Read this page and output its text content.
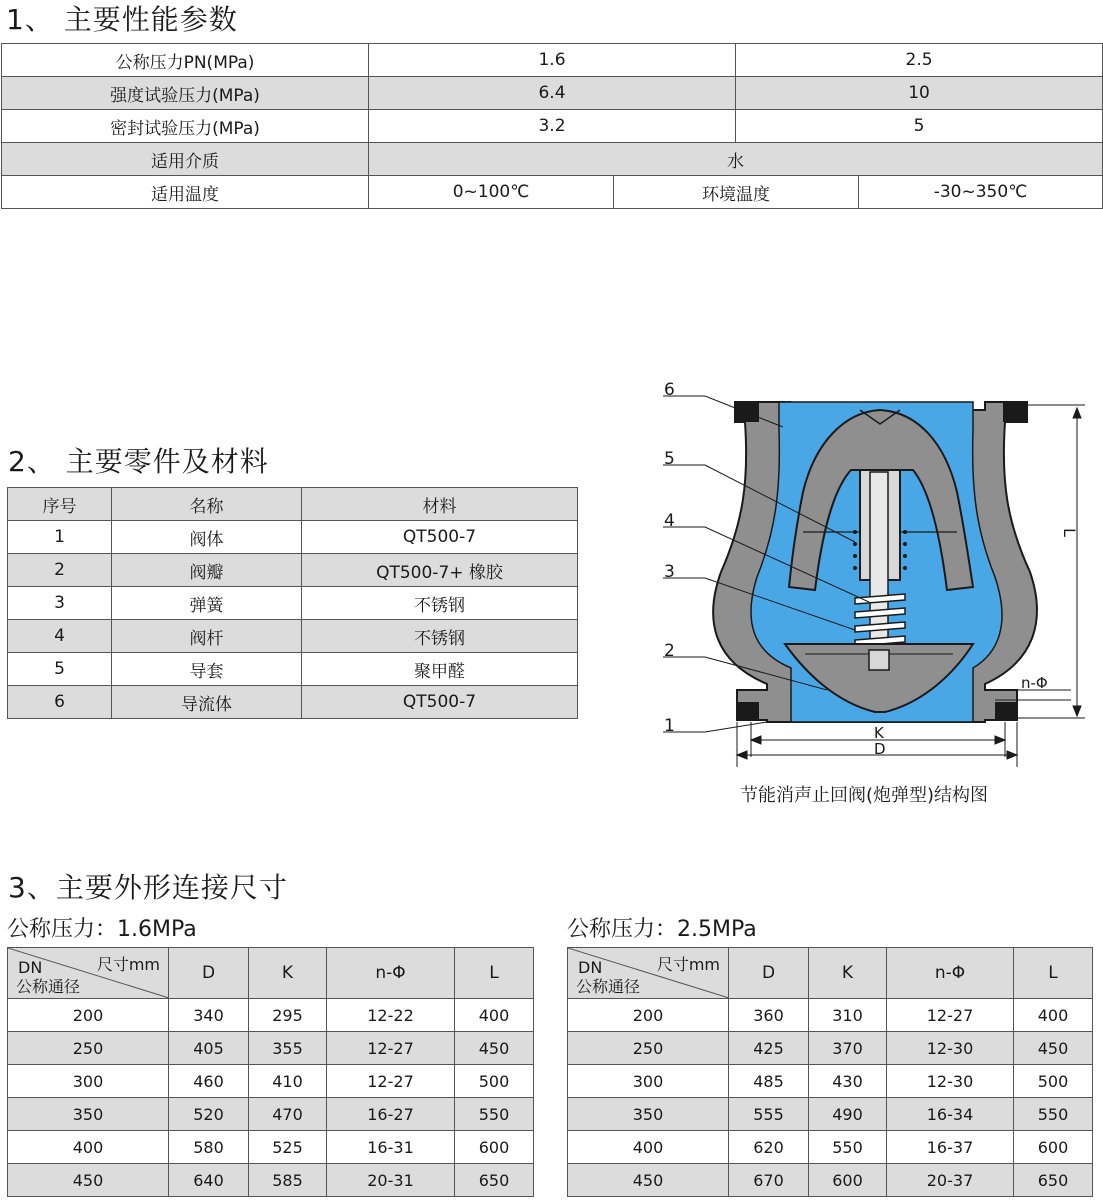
1、 主要性能参数
公称压力PN(MPa)	1.6		2.5	
强度试验压力(MPa)	6.4		10	
密封试验压力(MPa)	3.2		5	
适用介质	水			
适用温度	0~100℃	环境温度		-30~350℃
2、 主要零件及材料
序号	名称	材料
1	阀体	QT500-7
2	阀瓣	QT500-7+ 橡胶
3	弹簧	不锈钢
4	阀杆	不锈钢
5	导套	聚甲醛
6	导流体	QT500-7
6
5
4
3
2
1
L
n-Φ
K
D
节能消声止回阀(炮弹型)结构图
3、主要外形连接尺寸
公称压力：1.6MPa	公称压力：2.5MPa
尺寸mm
DN
公称通径	D	K	n-Φ	L
200	340	295	12-22	400
250	405	355	12-27	450
300	460	410	12-27	500
350	520	470	16-27	550
400	580	525	16-31	600
450	640	585	20-31	650
尺寸mm
DN
公称通径	D	K	n-Φ	L
200	360	310	12-27	400
250	425	370	12-30	450
300	485	430	12-30	500
350	555	490	16-34	550
400	620	550	16-37	600
450	670	600	20-37	650
